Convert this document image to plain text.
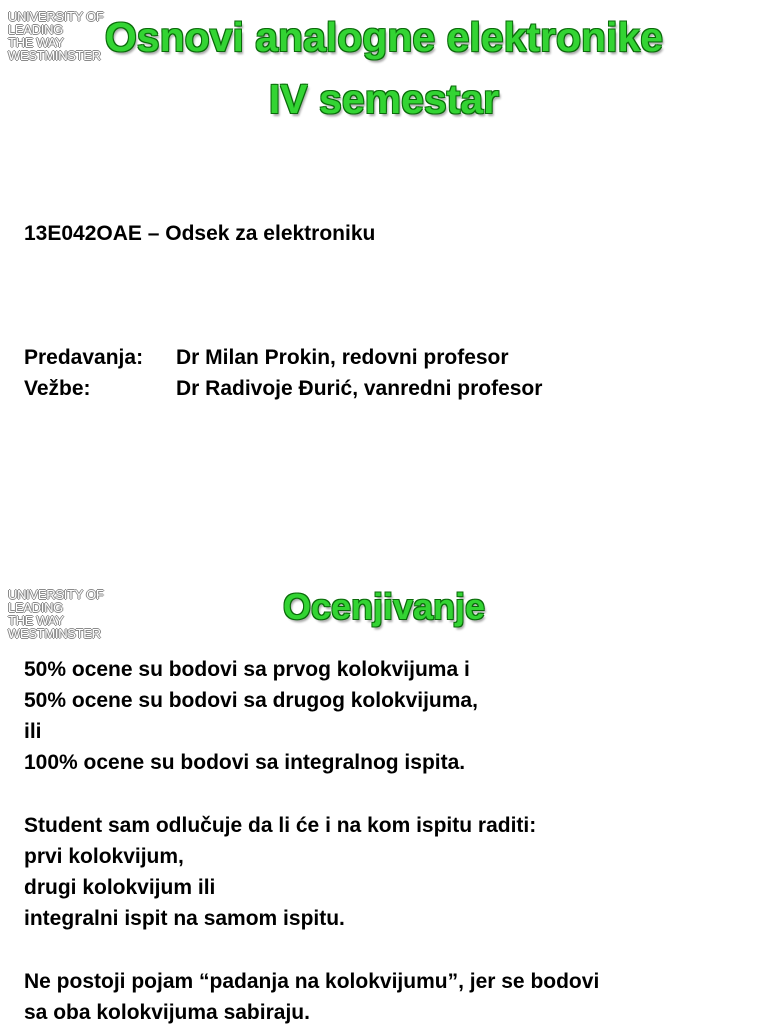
UNIVERSITY OF
LEADING
THE WAY
WESTMINSTER Osnovi analogne elektronike
IV semestar
13E042OAE – Odsek za elektroniku
Predavanja:	Dr Milan Prokin, redovni profesor
Vežbe:	Dr Radivoje Đurić, vanredni profesor
UNIVERSITY OF
LEADING
THE WAY
WESTMINSTER
Ocenjivanje
50% ocene su bodovi sa prvog kolokvijuma i
50% ocene su bodovi sa drugog kolokvijuma,
ili
100% ocene su bodovi sa integralnog ispita.
Student sam odlučuje da li će i na kom ispitu raditi:
prvi kolokvijum,
drugi kolokvijum ili
integralni ispit na samom ispitu.
Ne postoji pojam “padanja na kolokvijumu”, jer se bodovi
sa oba kolokvijuma sabiraju.
